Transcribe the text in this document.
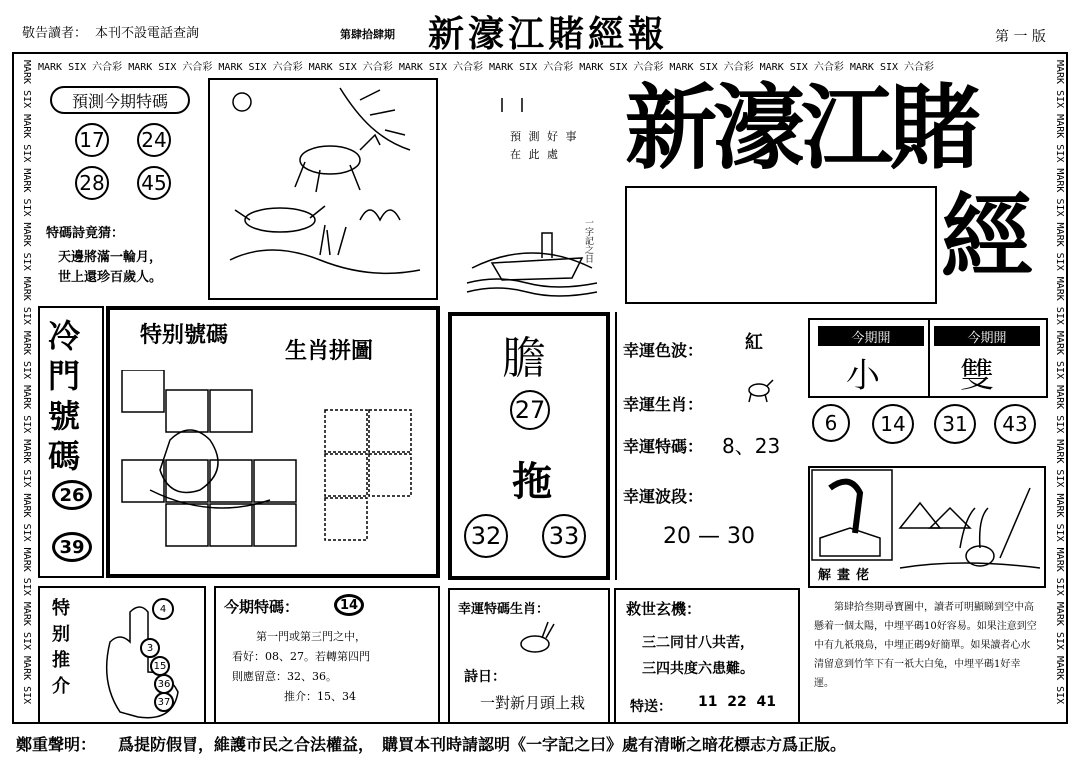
敬告讀者： 本刊不設電話查詢	第肆拾肆期 新濠江賭經報	第 一 版
MARK SIX 六合彩 MARK SIX 六合彩 MARK SIX 六合彩 MARK SIX 六合彩 MARK SIX 六合彩 MARK SIX 六合彩 MARK SIX 六合彩 MARK SIX 六合彩 MARK SIX 六合彩 MARK SIX 六合彩
MARK SIX MARK SIX MARK SIX MARK SIX MARK SIX MARK SIX MARK SIX MARK SIX MARK SIX MARK SIX MARK SIX MARK SIX	MARK SIX MARK SIX MARK SIX MARK SIX MARK SIX MARK SIX MARK SIX MARK SIX MARK SIX MARK SIX MARK SIX MARK SIX
預測今期特碼
17 24
28 45
特碼詩竟猜：
天邊將滿一輪月，
世上還珍百歲人。
預 測 好 事 在 此 處
一字記之日
新濠江賭
經
冷門號碼
26
39
特别號碼
生肖拼圖	膽
27
拖
32 33
幸運色波： 紅
幸運生肖：
幸運特碼： 8、23
幸運波段：
20 — 30
今期開	今期開
小 雙
6	14	31	43
解畫佬
特别推介
4
3
15
36
37
今期特碼：	14
第一門或第三門之中，
看好：08、27。若轉第四門
則應留意：32、36。
推介：15、34
幸運特碼生肖：
詩日：
一對新月頭上栽
救世玄機：
三二同甘八共苦，
三四共度六患難。
特送： 11  22  41
第肆拾叁期尋寶圖中，讀者可明顯睇到空中高懸着一個太陽，中埋平碼10好容易。如果注意到空中有九祇飛鳥，中埋正碼9好簡單。如果讀者心水清留意到竹竿下有一祇大白兔，中埋平碼1好幸運。
鄭重聲明： 爲提防假冒，維護市民之合法權益，　購買本刊時請認明《一字記之曰》處有清晰之暗花標志方爲正版。
